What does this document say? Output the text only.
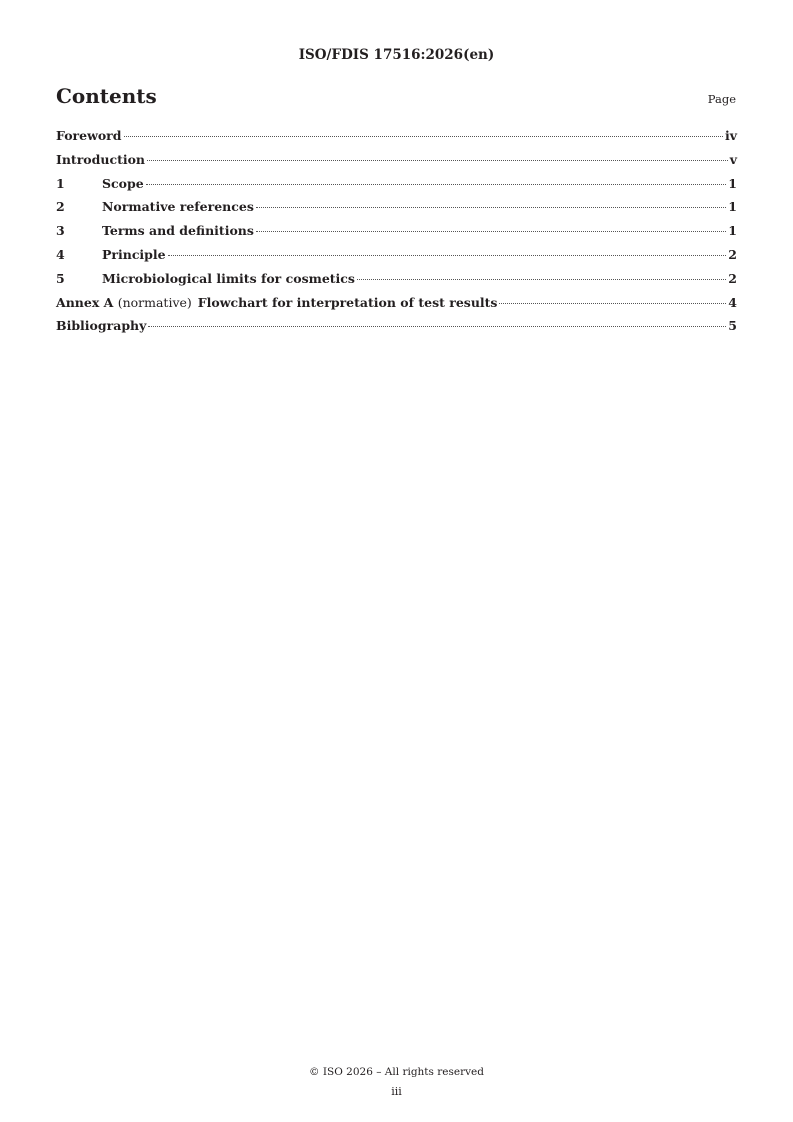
ISO/FDIS 17516:2026(en)
Contents	Page
Foreword	iv
Introduction	v
1	Scope	1
2	Normative references	1
3	Terms and definitions	1
4	Principle	2
5	Microbiological limits for cosmetics	2
Annex A (normative) Flowchart for interpretation of test results	4
Bibliography	5
© ISO 2026 – All rights reserved
iii
